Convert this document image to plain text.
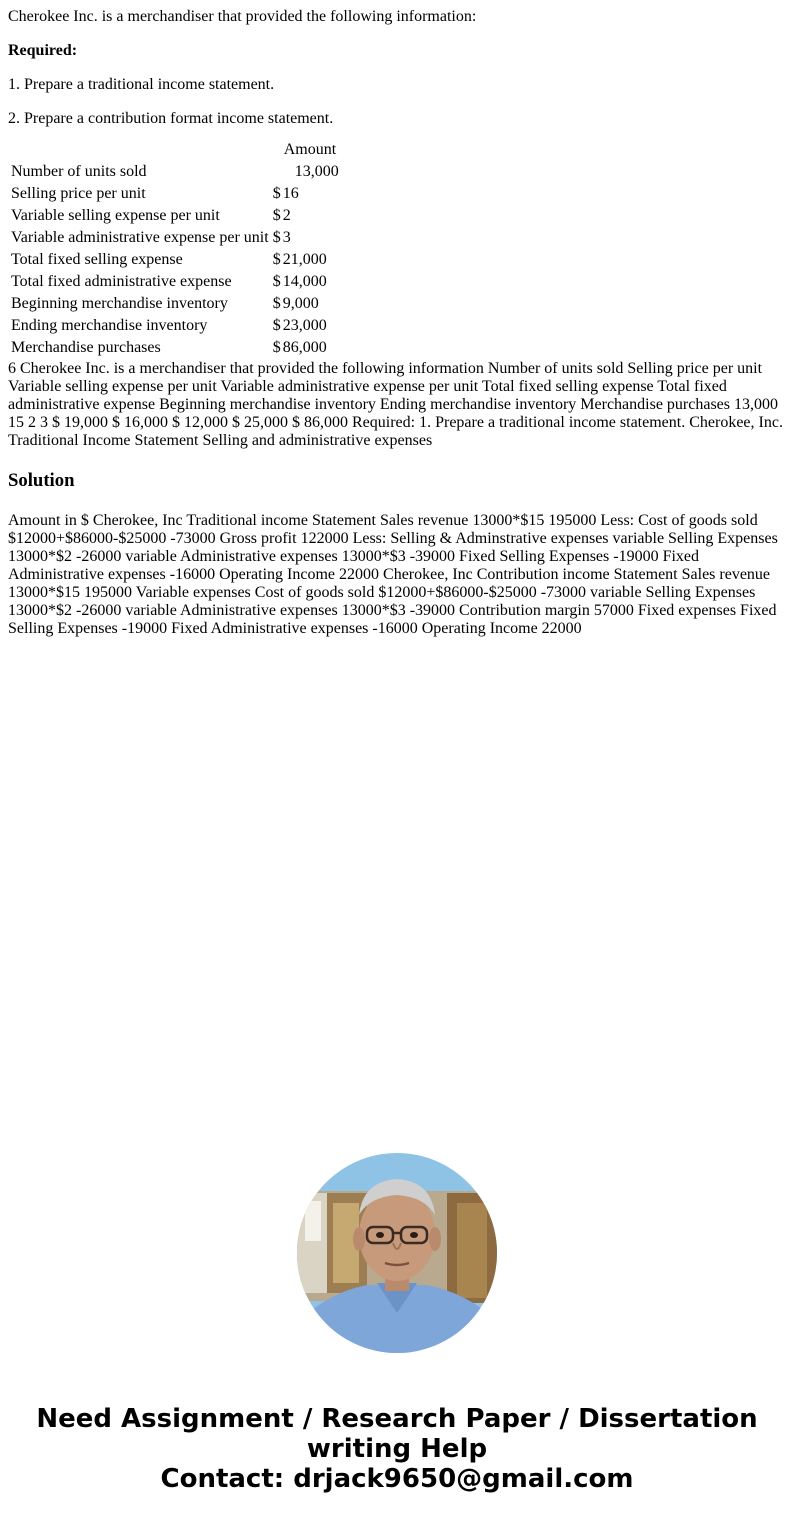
Cherokee Inc. is a merchandiser that provided the following information:

Required:

1. Prepare a traditional income statement.

2. Prepare a contribution format income statement.

	Amount	
Number of units sold		13,000
Selling price per unit	$	16
Variable selling expense per unit	$	2
Variable administrative expense per unit	$	3
Total fixed selling expense	$	21,000
Total fixed administrative expense	$	14,000
Beginning merchandise inventory	$	9,000
Ending merchandise inventory	$	23,000
Merchandise purchases	$	86,000

6 Cherokee Inc. is a merchandiser that provided the following information Number of units sold Selling price per unit Variable selling expense per unit Variable administrative expense per unit Total fixed selling expense Total fixed administrative expense Beginning merchandise inventory Ending merchandise inventory Merchandise purchases 13,000 15 2 3 $ 19,000 $ 16,000 $ 12,000 $ 25,000 $ 86,000 Required: 1. Prepare a traditional income statement. Cherokee, Inc. Traditional Income Statement Selling and administrative expenses

Solution

Amount in $ Cherokee, Inc Traditional income Statement Sales revenue 13000*$15 195000 Less: Cost of goods sold $12000+$86000-$25000 -73000 Gross profit 122000 Less: Selling & Adminstrative expenses variable Selling Expenses 13000*$2 -26000 variable Administrative expenses 13000*$3 -39000 Fixed Selling Expenses -19000 Fixed Administrative expenses -16000 Operating Income 22000 Cherokee, Inc Contribution income Statement Sales revenue 13000*$15 195000 Variable expenses Cost of goods sold $12000+$86000-$25000 -73000 variable Selling Expenses 13000*$2 -26000 variable Administrative expenses 13000*$3 -39000 Contribution margin 57000 Fixed expenses Fixed Selling Expenses -19000 Fixed Administrative expenses -16000 Operating Income 22000

Need Assignment / Research Paper / Dissertation
writing Help
Contact: drjack9650@gmail.com
